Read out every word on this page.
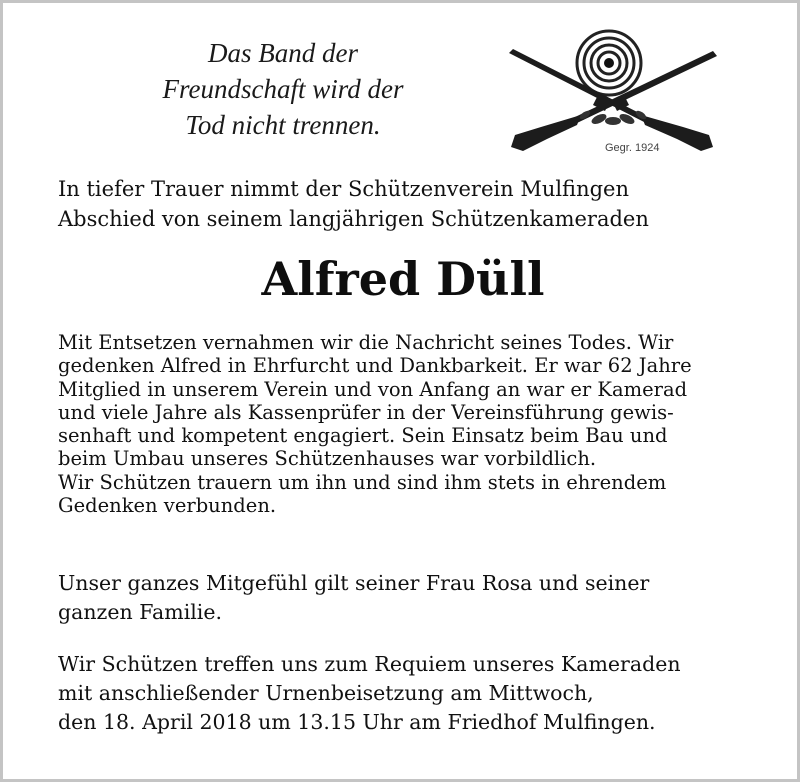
Das Band der
Freundschaft wird der
Tod nicht trennen.
Gegr. 1924
In tiefer Trauer nimmt der Schützenverein Mulfingen
Abschied von seinem langjährigen Schützenkameraden
Alfred Düll
Mit Entsetzen vernahmen wir die Nachricht seines Todes. Wir
gedenken Alfred in Ehrfurcht und Dankbarkeit. Er war 62 Jahre
Mitglied in unserem Verein und von Anfang an war er Kamerad
und viele Jahre als Kassenprüfer in der Vereinsführung gewis-
senhaft und kompetent engagiert. Sein Einsatz beim Bau und
beim Umbau unseres Schützenhauses war vorbildlich.
Wir Schützen trauern um ihn und sind ihm stets in ehrendem
Gedenken verbunden.
Unser ganzes Mitgefühl gilt seiner Frau Rosa und seiner
ganzen Familie.
Wir Schützen treffen uns zum Requiem unseres Kameraden
mit anschließender Urnenbeisetzung am Mittwoch,
den 18. April 2018 um 13.15 Uhr am Friedhof Mulfingen.
